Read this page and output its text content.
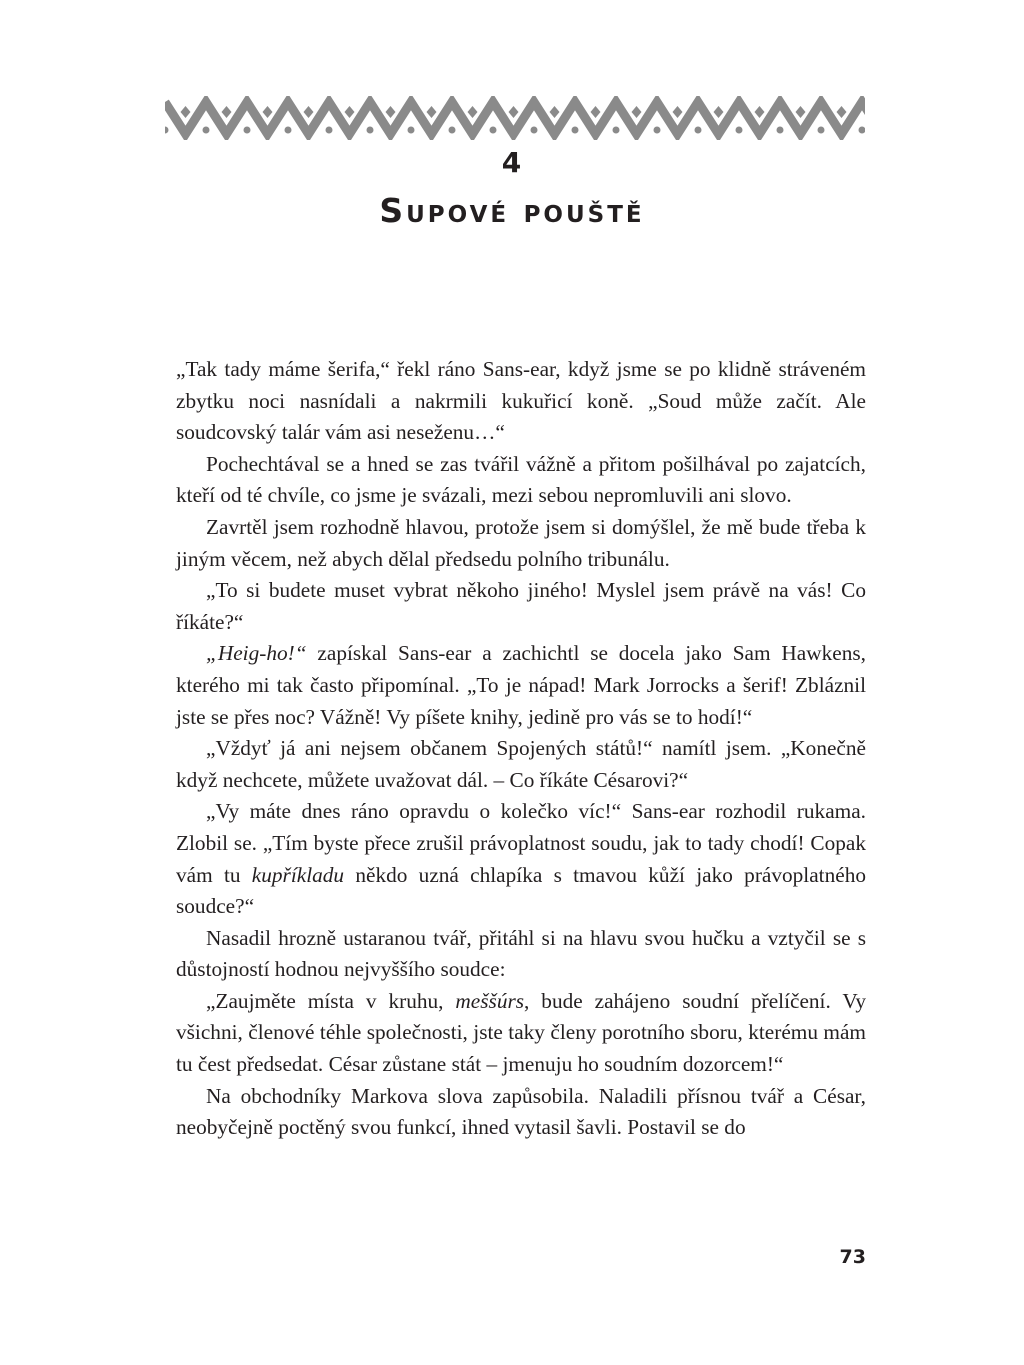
4
Supové pouště

„Tak tady máme šerifa,“ řekl ráno Sans-ear, když jsme se po klidně stráveném zbytku noci nasnídali a nakrmili kukuřicí koně. „Soud může začít. Ale soudcovský talár vám asi neseženu…“

Pochechtával se a hned se zas tvářil vážně a přitom pošilhával po zajatcích, kteří od té chvíle, co jsme je svázali, mezi sebou nepromluvili ani slovo.

Zavrtěl jsem rozhodně hlavou, protože jsem si domýšlel, že mě bude třeba k jiným věcem, než abych dělal předsedu polního tribunálu.

„To si budete muset vybrat někoho jiného! Myslel jsem právě na vás! Co říkáte?“

„Heig-ho!“ zapískal Sans-ear a zachichtl se docela jako Sam Hawkens, kterého mi tak často připomínal. „To je nápad! Mark Jorrocks a šerif! Zbláznil jste se přes noc? Vážně! Vy píšete knihy, jedině pro vás se to hodí!“

„Vždyť já ani nejsem občanem Spojených států!“ namítl jsem. „Konečně když nechcete, můžete uvažovat dál. – Co říkáte Césarovi?“

„Vy máte dnes ráno opravdu o kolečko víc!“ Sans-ear rozhodil rukama. Zlobil se. „Tím byste přece zrušil právoplatnost soudu, jak to tady chodí! Copak vám tu kupříkladu někdo uzná chlapíka s tmavou kůží jako právoplatného soudce?“

Nasadil hrozně ustaranou tvář, přitáhl si na hlavu svou hučku a vztyčil se s důstojností hodnou nejvyššího soudce:

„Zaujměte místa v kruhu, meššúrs, bude zahájeno soudní přelíčení. Vy všichni, členové téhle společnosti, jste taky členy porotního sboru, kterému mám tu čest předsedat. César zůstane stát – jmenuju ho soudním dozorcem!“

Na obchodníky Markova slova zapůsobila. Naladili přísnou tvář a César, neobyčejně poctěný svou funkcí, ihned vytasil šavli. Postavil se do

73
